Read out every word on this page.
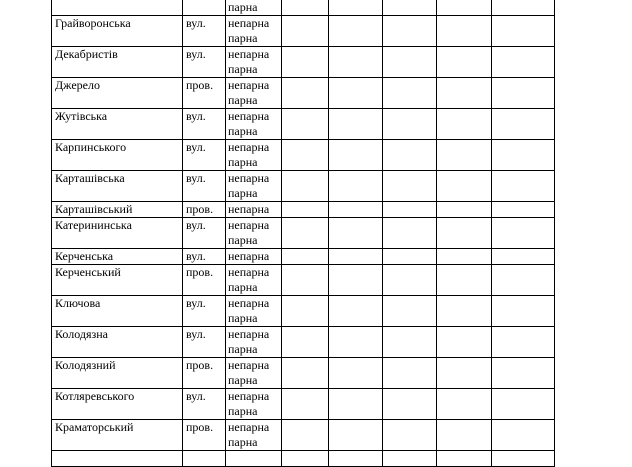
		парна					

Грайворонська	вул.	непарна
парна					

Декабристів	вул.	непарна
парна					

Джерело	пров.	непарна
парна					

Жутівська	вул.	непарна
парна					

Карпинського	вул.	непарна
парна					

Карташівська	вул.	непарна
парна					

Карташівський	пров.	непарна					

Катерининська	вул.	непарна
парна					

Керченська	вул.	непарна					

Керченський	пров.	непарна
парна					

Ключова	вул.	непарна
парна					

Колодязна	вул.	непарна
парна					

Колодязний	пров.	непарна
парна					

Котляревського	вул.	непарна
парна					

Краматорський	пров.	непарна
парна					
